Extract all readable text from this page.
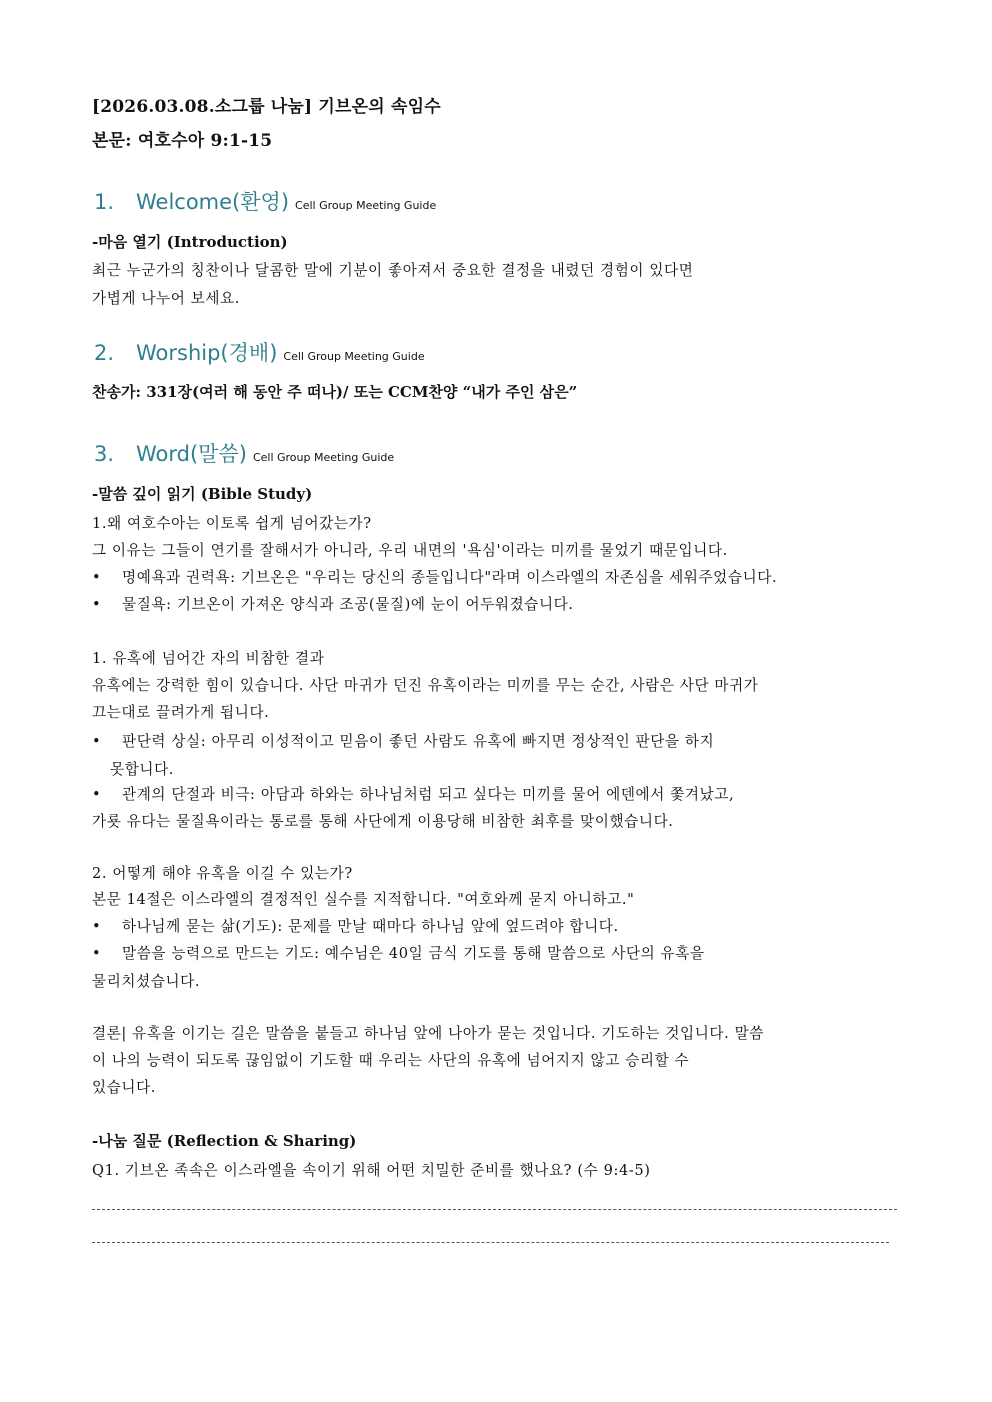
[2026.03.08.소그룹 나눔] 기브온의 속임수
본문: 여호수아 9:1-15
1. Welcome(환영) Cell Group Meeting Guide
-마음 열기 (Introduction)
최근 누군가의 칭찬이나 달콤한 말에 기분이 좋아져서 중요한 결정을 내렸던 경험이 있다면
가볍게 나누어 보세요.
2. Worship(경배) Cell Group Meeting Guide
찬송가: 331장(여러 해 동안 주 떠나)/ 또는 CCM찬양 “내가 주인 삼은”
3. Word(말씀) Cell Group Meeting Guide
-말씀 깊이 읽기 (Bible Study)
1.왜 여호수아는 이토록 쉽게 넘어갔는가?
그 이유는 그들이 연기를 잘해서가 아니라, 우리 내면의 '욕심'이라는 미끼를 물었기 때문입니다.
• 명예욕과 권력욕: 기브온은 "우리는 당신의 종들입니다"라며 이스라엘의 자존심을 세워주었습니다.
• 물질욕: 기브온이 가져온 양식과 조공(물질)에 눈이 어두워졌습니다.
1. 유혹에 넘어간 자의 비참한 결과
유혹에는 강력한 힘이 있습니다. 사단 마귀가 던진 유혹이라는 미끼를 무는 순간, 사람은 사단 마귀가
끄는대로 끌려가게 됩니다.
• 판단력 상실: 아무리 이성적이고 믿음이 좋던 사람도 유혹에 빠지면 정상적인 판단을 하지
못합니다.
• 관계의 단절과 비극: 아담과 하와는 하나님처럼 되고 싶다는 미끼를 물어 에덴에서 쫓겨났고,
가룟 유다는 물질욕이라는 통로를 통해 사단에게 이용당해 비참한 최후를 맞이했습니다.
2. 어떻게 해야 유혹을 이길 수 있는가?
본문 14절은 이스라엘의 결정적인 실수를 지적합니다. "여호와께 묻지 아니하고."
• 하나님께 묻는 삶(기도): 문제를 만날 때마다 하나님 앞에 엎드려야 합니다.
• 말씀을 능력으로 만드는 기도: 예수님은 40일 금식 기도를 통해 말씀으로 사단의 유혹을
물리치셨습니다.
결론| 유혹을 이기는 길은 말씀을 붙들고 하나님 앞에 나아가 묻는 것입니다. 기도하는 것입니다. 말씀
이 나의 능력이 되도록 끊임없이 기도할 때 우리는 사단의 유혹에 넘어지지 않고 승리할 수
있습니다.
-나눔 질문 (Reflection & Sharing)
Q1. 기브온 족속은 이스라엘을 속이기 위해 어떤 치밀한 준비를 했나요? (수 9:4-5)
